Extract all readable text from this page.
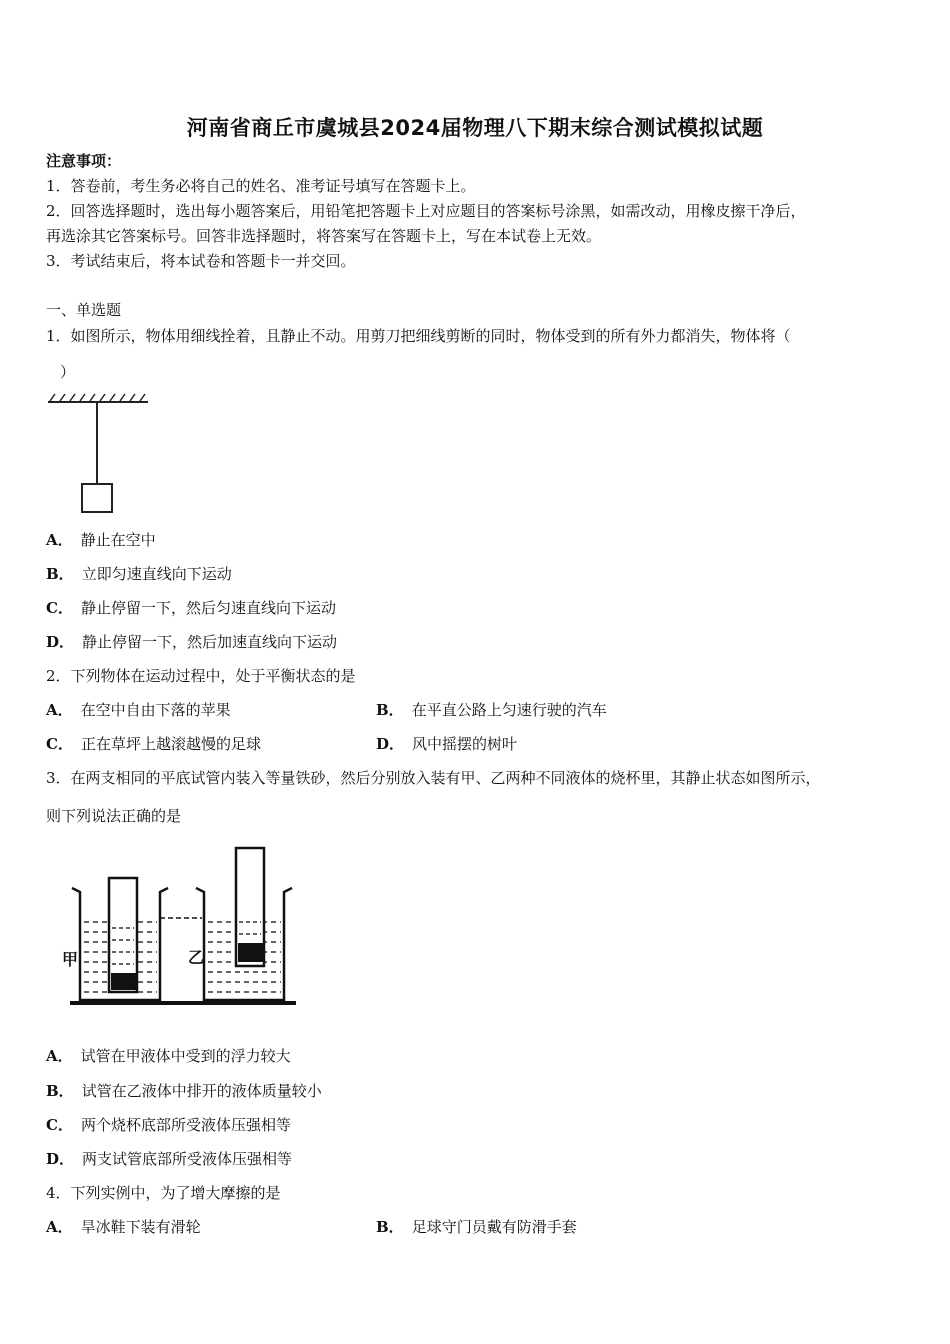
河南省商丘市虞城县2024届物理八下期末综合测试模拟试题
注意事项：
1．答卷前，考生务必将自己的姓名、准考证号填写在答题卡上。
2．回答选择题时，选出每小题答案后，用铅笔把答题卡上对应题目的答案标号涂黑，如需改动，用橡皮擦干净后，
再选涂其它答案标号。回答非选择题时，将答案写在答题卡上，写在本试卷上无效。
3．考试结束后，将本试卷和答题卡一并交回。
一、单选题
1．如图所示，物体用细线拴着，且静止不动。用剪刀把细线剪断的同时，物体受到的所有外力都消失，物体将（
）
A． 静止在空中
B． 立即匀速直线向下运动
C． 静止停留一下，然后匀速直线向下运动
D． 静止停留一下，然后加速直线向下运动
2．下列物体在运动过程中，处于平衡状态的是
A． 在空中自由下落的苹果	B． 在平直公路上匀速行驶的汽车
C． 正在草坪上越滚越慢的足球	D． 风中摇摆的树叶
3．在两支相同的平底试管内装入等量铁砂，然后分别放入装有甲、乙两种不同液体的烧杯里，其静止状态如图所示，
则下列说法正确的是
甲	乙
A． 试管在甲液体中受到的浮力较大
B． 试管在乙液体中排开的液体质量较小
C． 两个烧杯底部所受液体压强相等
D． 两支试管底部所受液体压强相等
4．下列实例中，为了增大摩擦的是
A． 旱冰鞋下装有滑轮	B． 足球守门员戴有防滑手套
